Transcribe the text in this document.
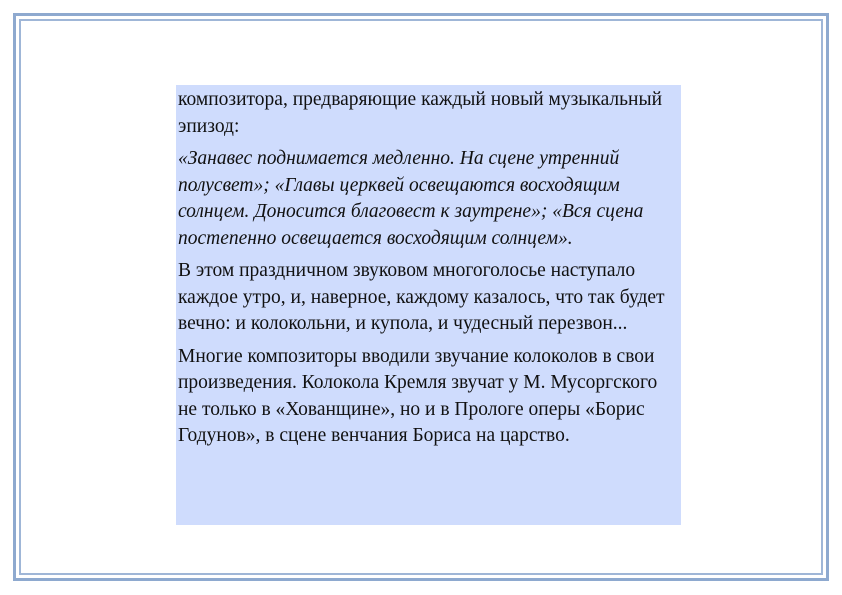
композитора, предваряющие каждый новый музыкальный эпизод:

«Занавес поднимается медленно. На сцене утренний полусвет»; «Главы церквей освещаются восходящим солнцем. Доносится благовест к заутрене»; «Вся сцена постепенно освещается восходящим солнцем».

В этом праздничном звуковом многоголосье наступало каждое утро, и, наверное, каждому казалось, что так будет вечно: и колокольни, и купола, и чудесный перезвон...

Многие композиторы вводили звучание колоколов в свои произведения. Колокола Кремля звучат у М. Мусоргского не только в «Хованщине», но и в Прологе оперы «Борис Годунов», в сцене венчания Бориса на царство.
